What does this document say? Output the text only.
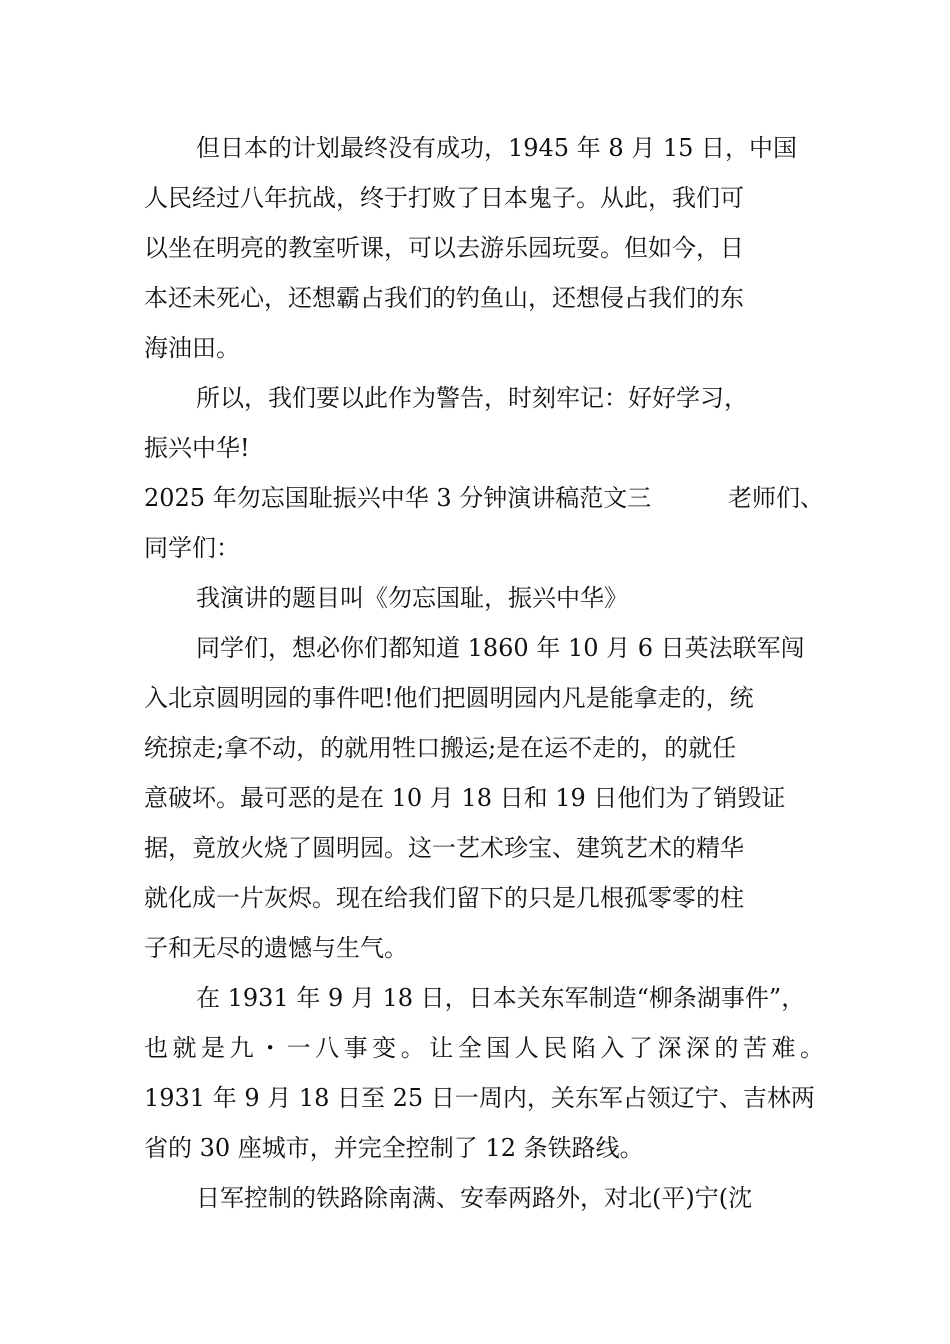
但日本的计划最终没有成功，1945 年 8 月 15 日，中国
人民经过八年抗战，终于打败了日本鬼子。从此，我们可
以坐在明亮的教室听课，可以去游乐园玩耍。但如今，日
本还未死心，还想霸占我们的钓鱼山，还想侵占我们的东
海油田。
所以，我们要以此作为警告，时刻牢记：好好学习，
振兴中华!
2025 年勿忘国耻振兴中华 3 分钟演讲稿范文三	老师们、
同学们：
我演讲的题目叫《勿忘国耻，振兴中华》
同学们，想必你们都知道 1860 年 10 月 6 日英法联军闯
入北京圆明园的事件吧!他们把圆明园内凡是能拿走的，统
统掠走;拿不动，的就用牲口搬运;是在运不走的，的就任
意破坏。最可恶的是在 10 月 18 日和 19 日他们为了销毁证
据，竟放火烧了圆明园。这一艺术珍宝、建筑艺术的精华
就化成一片灰烬。现在给我们留下的只是几根孤零零的柱
子和无尽的遗憾与生气。
在 1931 年 9 月 18 日，日本关东军制造“柳条湖事件”，
也就是九・一八事变。让全国人民陷入了深深的苦难。
1931 年 9 月 18 日至 25 日一周内，关东军占领辽宁、吉林两
省的 30 座城市，并完全控制了 12 条铁路线。
日军控制的铁路除南满、安奉两路外，对北(平)宁(沈
